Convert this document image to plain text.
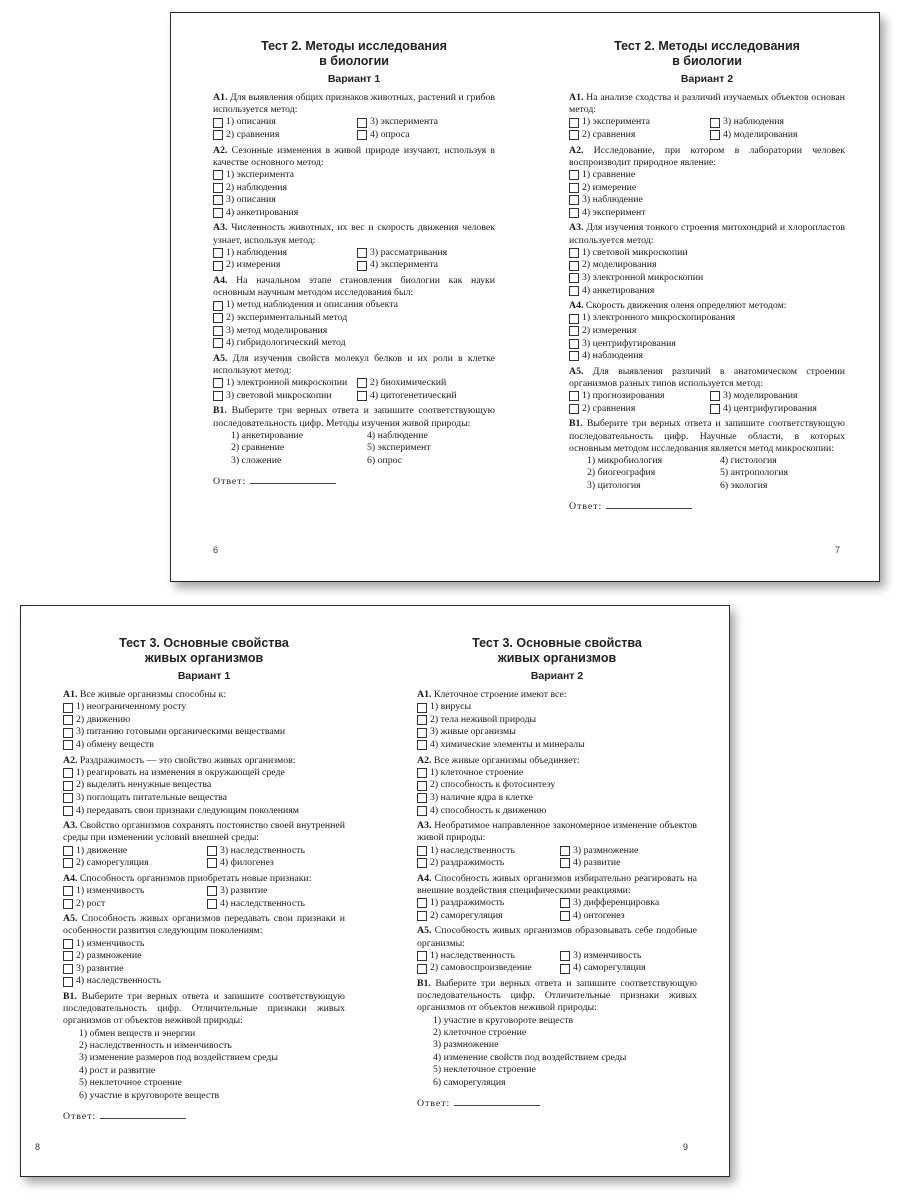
Тест 2. Методы исследования
в биологии
Вариант 1
А1. Для выявления общих признаков животных, растений и грибов используется метод:
1) описания	3) эксперимента
2) сравнения	4) опроса
А2. Сезонные изменения в живой природе изучают, используя в качестве основного метод:
1) эксперимента
2) наблюдения
3) описания
4) анкетирования
А3. Численность животных, их вес и скорость движения человек узнает, используя метод:
1) наблюдения	3) рассматривания
2) измерения	4) эксперимента
А4. На начальном этапе становления биологии как науки основным научным методом исследования был:
1) метод наблюдения и описания объекта
2) экспериментальный метод
3) метод моделирования
4) гибридологический метод
А5. Для изучения свойств молекул белков и их роли в клетке используют метод:
1) электронной микроскопии 2) биохимический
3) световой микроскопии	4) цитогенетический
В1. Выберите три верных ответа и запишите соответствующую последовательность цифр. Методы изучения живой природы:
1) анкетирование	4) наблюдение
2) сравнение	5) эксперимент
3) сложение	6) опрос
Ответ:
Тест 2. Методы исследования
в биологии
Вариант 2
А1. На анализе сходства и различий изучаемых объектов основан метод:
1) эксперимента	3) наблюдения
2) сравнения	4) моделирования
А2. Исследование, при котором в лаборатории человек воспроизводит природное явление:
1) сравнение
2) измерение
3) наблюдение
4) эксперимент
А3. Для изучения тонкого строения митохондрий и хлоропластов используется метод:
1) световой микроскопии
2) моделирования
3) электронной микроскопии
4) анкетирования
А4. Скорость движения оленя определяют методом:
1) электронного микроскопирования
2) измерения
3) центрифугирования
4) наблюдения
А5. Для выявления различий в анатомическом строении организмов разных типов используется метод:
1) прогнозирования	3) моделирования
2) сравнения	4) центрифугирования
В1. Выберите три верных ответа и запишите соответствующую последовательность цифр. Научные области, в которых основным методом исследования является метод микроскопии:
1) микробиология	4) гистология
2) биогеография	5) антропология
3) цитология	6) экология
Ответ:
6	7
Тест 3. Основные свойства
живых организмов
Вариант 1
А1. Все живые организмы способны к:
1) неограниченному росту
2) движению
3) питанию готовыми органическими веществами
4) обмену веществ
А2. Раздражимость — это свойство живых организмов:
1) реагировать на изменения в окружающей среде
2) выделять ненужные вещества
3) поглощать питательные вещества
4) передавать свои признаки следующим поколениям
А3. Свойство организмов сохранять постоянство своей внутренней среды при изменении условий внешней среды:
1) движение	3) наследственность
2) саморегуляция	4) филогенез
А4. Способность организмов приобретать новые признаки:
1) изменчивость	3) развитие
2) рост	4) наследственность
А5. Способность живых организмов передавать свои признаки и особенности развития следующим поколениям:
1) изменчивость
2) размножение
3) развитие
4) наследственность
В1. Выберите три верных ответа и запишите соответствующую последовательность цифр. Отличительные признаки живых организмов от объектов неживой природы:
1) обмен веществ и энергии
2) наследственность и изменчивость
3) изменение размеров под воздействием среды
4) рост и развитие
5) неклеточное строение
6) участие в круговороте веществ
Ответ:
Тест 3. Основные свойства
живых организмов
Вариант 2
А1. Клеточное строение имеют все:
1) вирусы
2) тела неживой природы
3) живые организмы
4) химические элементы и минералы
А2. Все живые организмы объединяет:
1) клеточное строение
2) способность к фотосинтезу
3) наличие ядра в клетке
4) способность к движению
А3. Необратимое направленное закономерное изменение объектов живой природы:
1) наследственность	3) размножение
2) раздражимость	4) развитие
А4. Способность живых организмов избирательно реагировать на внешние воздействия специфическими реакциями:
1) раздражимость	3) дифференцировка
2) саморегуляция	4) онтогенез
А5. Способность живых организмов образовывать себе подобные организмы:
1) наследственность	3) изменчивость
2) самовоспроизведение	4) саморегуляция
В1. Выберите три верных ответа и запишите соответствующую последовательность цифр. Отличительные признаки живых организмов от объектов неживой природы:
1) участие в круговороте веществ
2) клеточное строение
3) размножение
4) изменение свойств под воздействием среды
5) неклеточное строение
6) саморегуляция
Ответ:
8	9
